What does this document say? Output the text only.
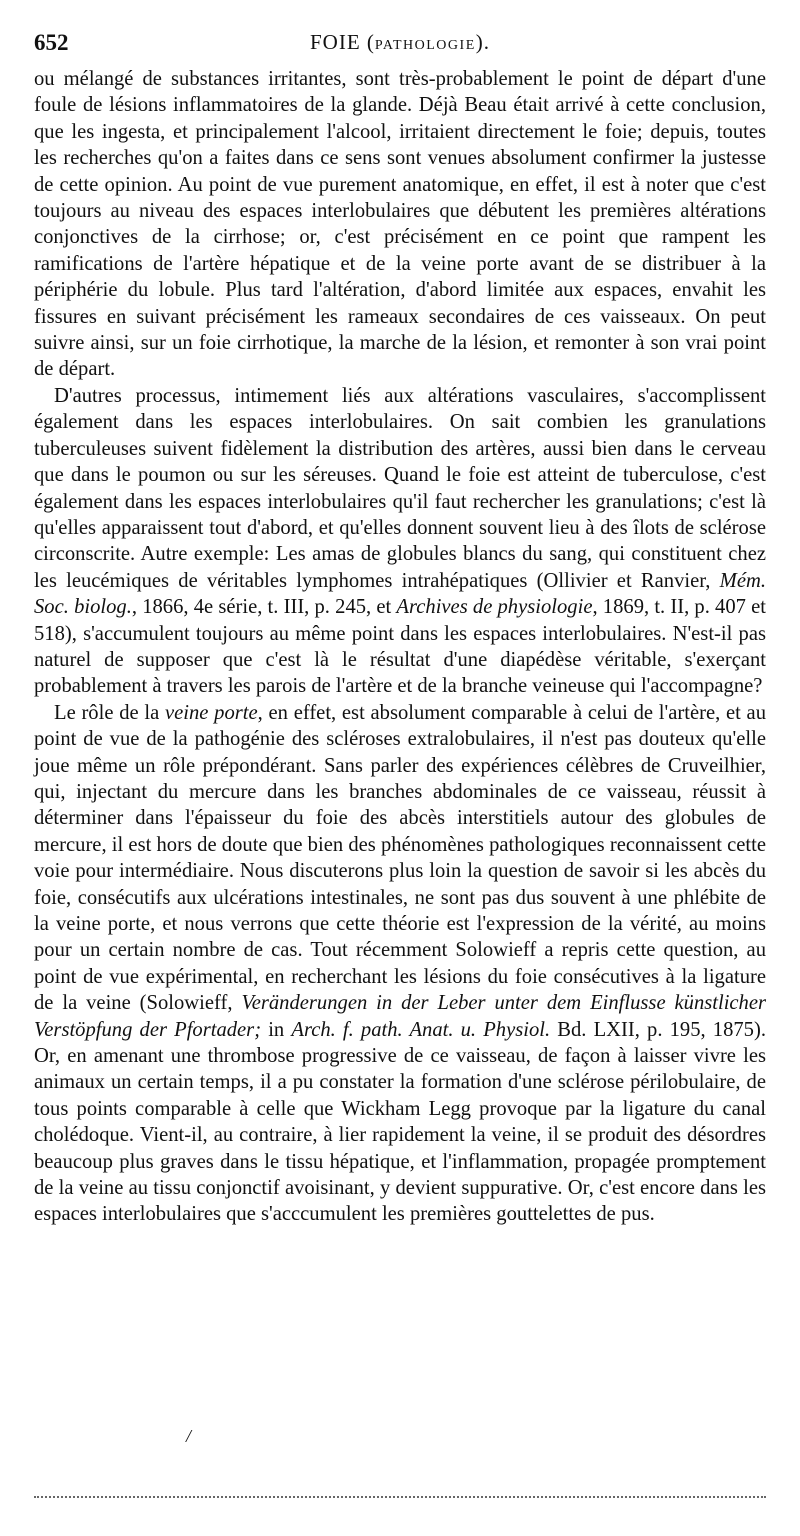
652	FOIE (PATHOLOGIE).

ou mélangé de substances irritantes, sont très-probablement le point de départ d'une foule de lésions inflammatoires de la glande. Déjà Beau était arrivé à cette conclusion, que les ingesta, et principalement l'alcool, irritaient directement le foie; depuis, toutes les recherches qu'on a faites dans ce sens sont venues absolument confirmer la justesse de cette opinion. Au point de vue purement anatomique, en effet, il est à noter que c'est toujours au niveau des espaces interlobulaires que débutent les premières altérations conjonctives de la cirrhose; or, c'est précisément en ce point que rampent les ramifications de l'artère hépatique et de la veine porte avant de se distribuer à la périphérie du lobule. Plus tard l'altération, d'abord limitée aux espaces, envahit les fissures en suivant précisément les rameaux secondaires de ces vaisseaux. On peut suivre ainsi, sur un foie cirrhotique, la marche de la lésion, et remonter à son vrai point de départ.

D'autres processus, intimement liés aux altérations vasculaires, s'accomplissent également dans les espaces interlobulaires. On sait combien les granulations tuberculeuses suivent fidèlement la distribution des artères, aussi bien dans le cerveau que dans le poumon ou sur les séreuses. Quand le foie est atteint de tuberculose, c'est également dans les espaces interlobulaires qu'il faut rechercher les granulations; c'est là qu'elles apparaissent tout d'abord, et qu'elles donnent souvent lieu à des îlots de sclérose circonscrite. Autre exemple: Les amas de globules blancs du sang, qui constituent chez les leucémiques de véritables lymphomes intrahépatiques (Ollivier et Ranvier, Mém. Soc. biolog., 1866, 4e série, t. III, p. 245, et Archives de physiologie, 1869, t. II, p. 407 et 518), s'accumulent toujours au même point dans les espaces interlobulaires. N'est-il pas naturel de supposer que c'est là le résultat d'une diapédèse véritable, s'exerçant probablement à travers les parois de l'artère et de la branche veineuse qui l'accompagne?

Le rôle de la veine porte, en effet, est absolument comparable à celui de l'artère, et au point de vue de la pathogénie des scléroses extralobulaires, il n'est pas douteux qu'elle joue même un rôle prépondérant. Sans parler des expériences célèbres de Cruveilhier, qui, injectant du mercure dans les branches abdominales de ce vaisseau, réussit à déterminer dans l'épaisseur du foie des abcès interstitiels autour des globules de mercure, il est hors de doute que bien des phénomènes pathologiques reconnaissent cette voie pour intermédiaire. Nous discuterons plus loin la question de savoir si les abcès du foie, consécutifs aux ulcérations intestinales, ne sont pas dus souvent à une phlébite de la veine porte, et nous verrons que cette théorie est l'expression de la vérité, au moins pour un certain nombre de cas. Tout récemment Solowieff a repris cette question, au point de vue expérimental, en recherchant les lésions du foie consécutives à la ligature de la veine (Solowieff, Veränderungen in der Leber unter dem Einflusse künstlicher Verstöpfung der Pfortader; in Arch. f. path. Anat. u. Physiol. Bd. LXII, p. 195, 1875). Or, en amenant une thrombose progressive de ce vaisseau, de façon à laisser vivre les animaux un certain temps, il a pu constater la formation d'une sclérose périlobulaire, de tous points comparable à celle que Wickham Legg provoque par la ligature du canal cholédoque. Vient-il, au contraire, à lier rapidement la veine, il se produit des désordres beaucoup plus graves dans le tissu hépatique, et l'inflammation, propagée promptement de la veine au tissu conjonctif avoisinant, y devient suppurative. Or, c'est encore dans les espaces interlobulaires que s'acccumulent les premières gouttelettes de pus.

/
